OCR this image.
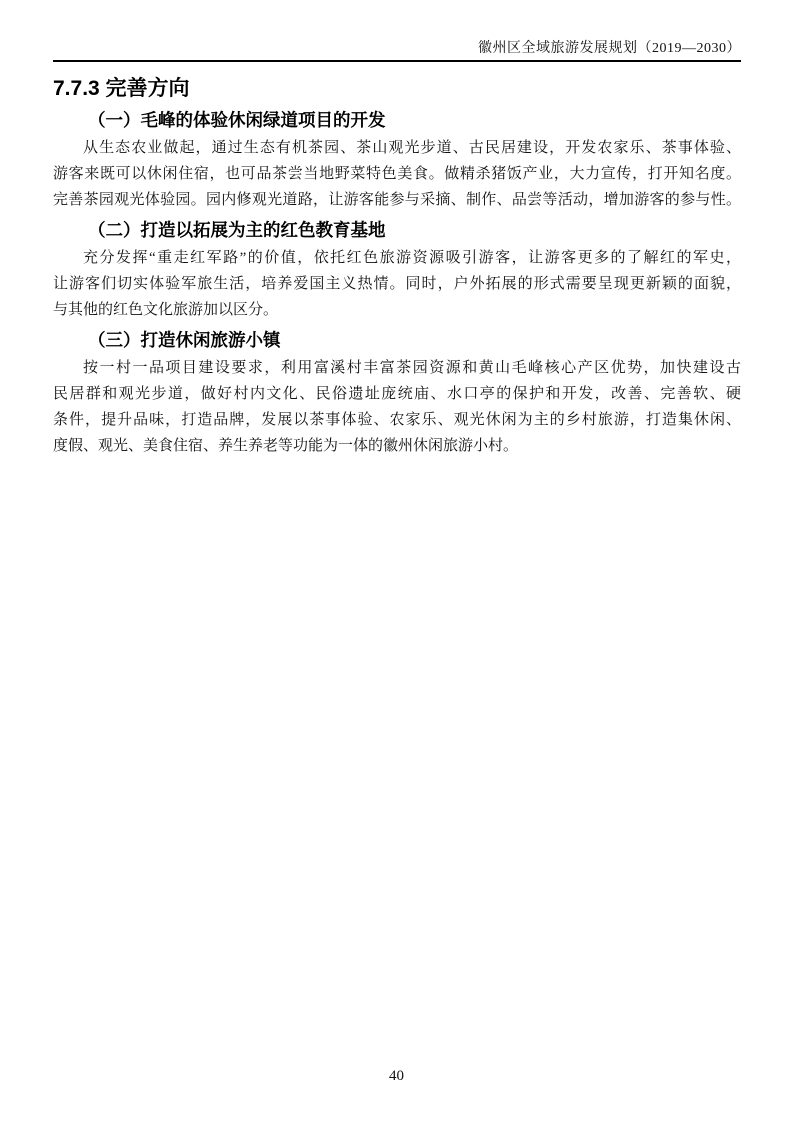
徽州区全域旅游发展规划（2019—2030）
7.7.3 完善方向
（一）毛峰的体验休闲绿道项目的开发
从生态农业做起，通过生态有机茶园、茶山观光步道、古民居建设，开发农家乐、茶事体验、
游客来既可以休闲住宿，也可品茶尝当地野菜特色美食。做精杀猪饭产业，大力宣传，打开知名度。
完善茶园观光体验园。园内修观光道路，让游客能参与采摘、制作、品尝等活动，增加游客的参与性。
（二）打造以拓展为主的红色教育基地
充分发挥“重走红军路”的价值，依托红色旅游资源吸引游客，让游客更多的了解红的军史，
让游客们切实体验军旅生活，培养爱国主义热情。同时，户外拓展的形式需要呈现更新颖的面貌，
与其他的红色文化旅游加以区分。
（三）打造休闲旅游小镇
按一村一品项目建设要求，利用富溪村丰富茶园资源和黄山毛峰核心产区优势，加快建设古
民居群和观光步道，做好村内文化、民俗遗址庞统庙、水口亭的保护和开发，改善、完善软、硬
条件，提升品味，打造品牌，发展以茶事体验、农家乐、观光休闲为主的乡村旅游，打造集休闲、
度假、观光、美食住宿、养生养老等功能为一体的徽州休闲旅游小村。
40
